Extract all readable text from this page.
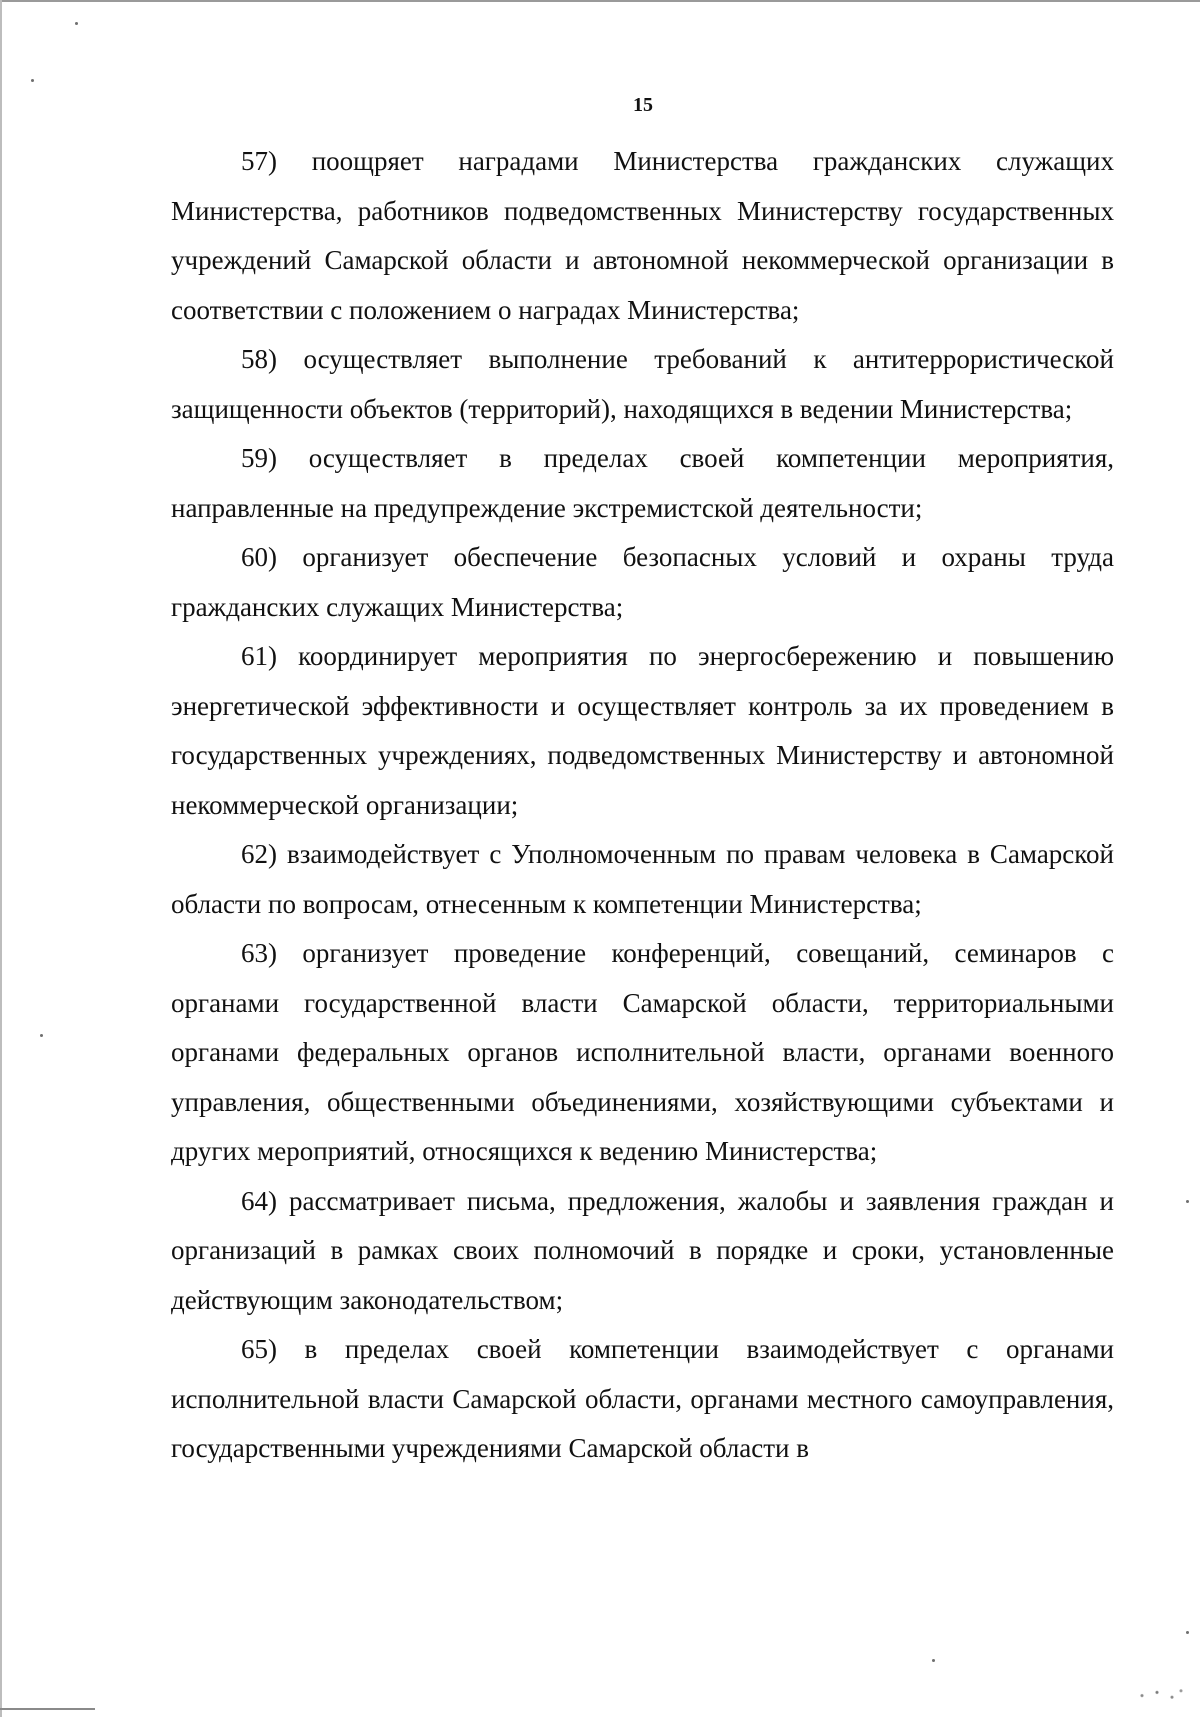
15

57) поощряет наградами Министерства гражданских служащих Министерства, работников подведомственных Министерству государственных учреждений Самарской области и автономной некоммерческой организации в соответствии с положением о наградах Министерства;

58) осуществляет выполнение требований к антитеррористической защищенности объектов (территорий), находящихся в ведении Министерства;

59) осуществляет в пределах своей компетенции мероприятия, направленные на предупреждение экстремистской деятельности;

60) организует обеспечение безопасных условий и охраны труда гражданских служащих Министерства;

61) координирует мероприятия по энергосбережению и повышению энергетической эффективности и осуществляет контроль за их проведением в государственных учреждениях, подведомственных Министерству и автономной некоммерческой организации;

62) взаимодействует с Уполномоченным по правам человека в Самарской области по вопросам, отнесенным к компетенции Министерства;

63) организует проведение конференций, совещаний, семинаров с органами государственной власти Самарской области, территориальными органами федеральных органов исполнительной власти, органами военного управления, общественными объединениями, хозяйствующими субъектами и других мероприятий, относящихся к ведению Министерства;

64) рассматривает письма, предложения, жалобы и заявления граждан и организаций в рамках своих полномочий в порядке и сроки, установленные действующим законодательством;

65) в пределах своей компетенции взаимодействует с органами исполнительной власти Самарской области, органами местного самоуправления, государственными учреждениями Самарской области в
